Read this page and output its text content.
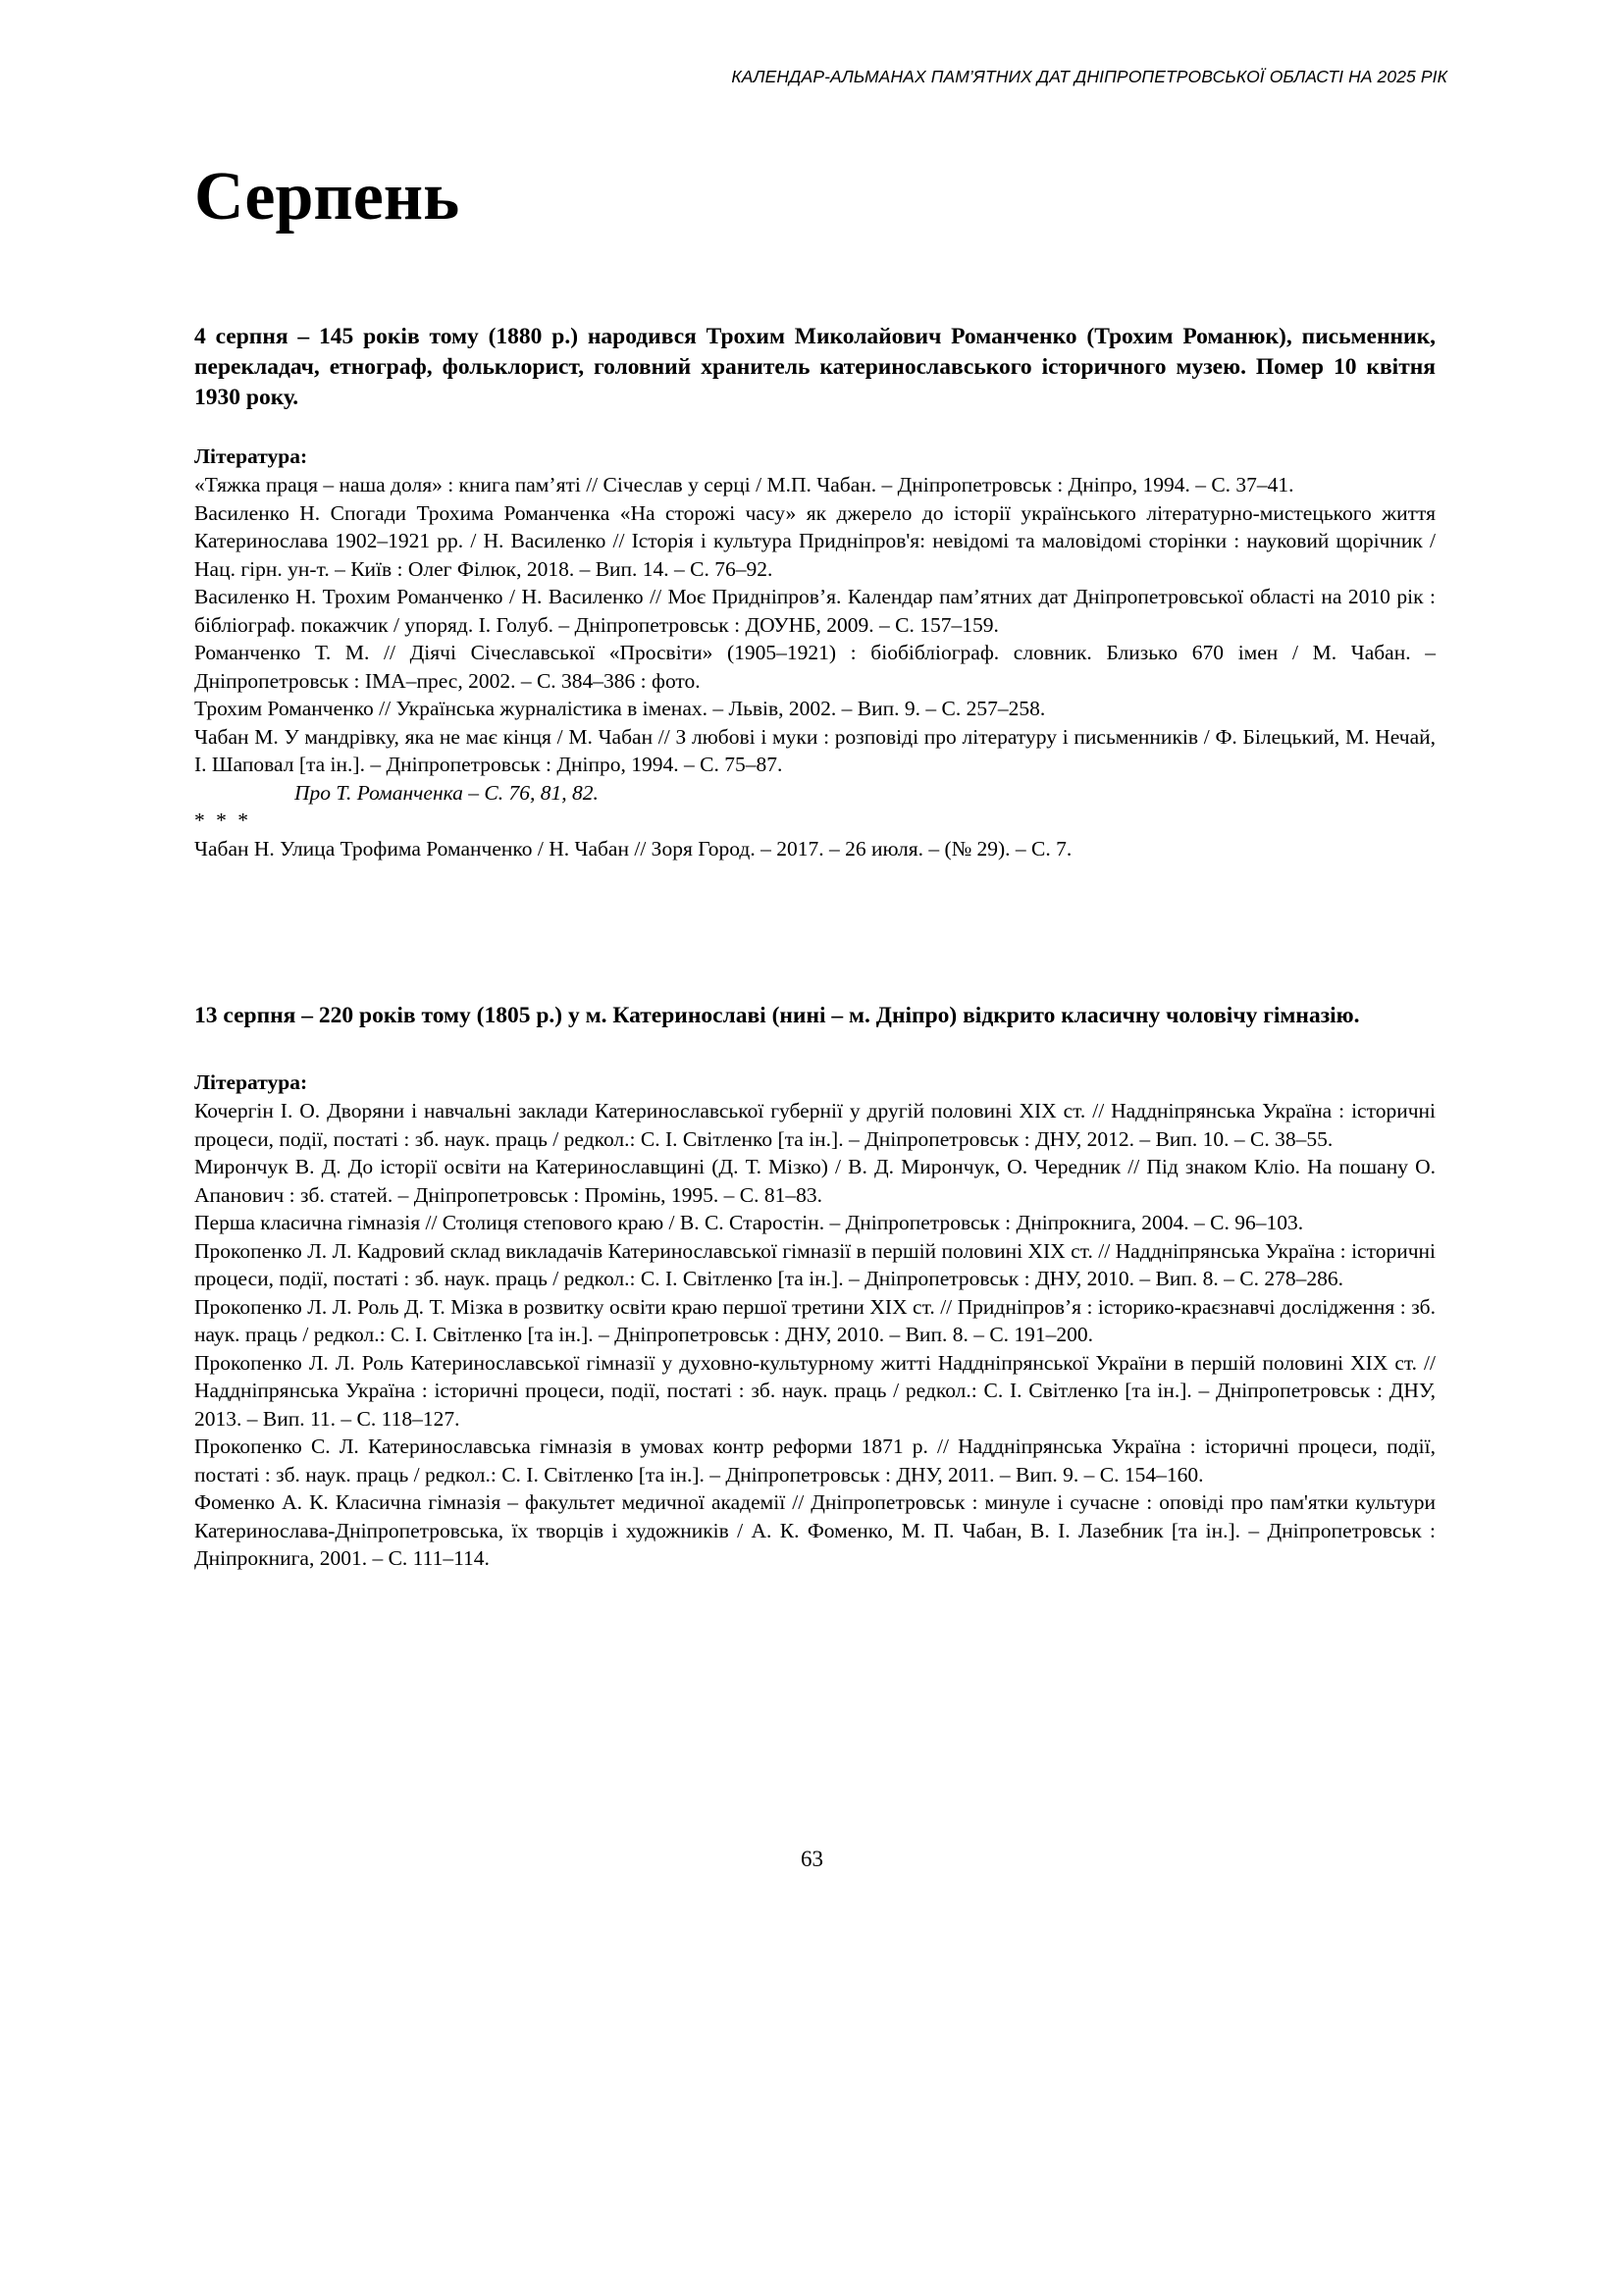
КАЛЕНДАР-АЛЬМАНАХ ПАМ’ЯТНИХ ДАТ ДНІПРОПЕТРОВСЬКОЇ ОБЛАСТІ НА 2025 РІК
Серпень

4 серпня – 145 років тому (1880 р.) народився Трохим Миколайович Романченко (Трохим Романюк), письменник, перекладач, етнограф, фольклорист, головний хранитель катеринославського історичного музею. Помер 10 квітня 1930 року.

Література:

«Тяжка праця – наша доля» : книга пам’яті // Січеслав у серці / М.П. Чабан. – Дніпропетровськ : Дніпро, 1994. – С. 37–41.

Василенко Н. Спогади Трохима Романченка «На сторожі часу» як джерело до історії українського літературно-мистецького життя Катеринослава 1902–1921 рр. / Н. Василенко // Історія і культура Придніпров'я: невідомі та маловідомі сторінки : науковий щорічник / Нац. гірн. ун-т. – Київ : Олег Філюк, 2018. – Вип. 14. – С. 76–92.

Василенко Н. Трохим Романченко / Н. Василенко // Моє Придніпров’я. Календар пам’ятних дат Дніпропетровської області на 2010 рік : бібліограф. покажчик / упоряд. І. Голуб. – Дніпропетровськ : ДОУНБ, 2009. – С. 157–159.

Романченко Т. М. // Діячі Січеславської «Просвіти» (1905–1921) : біобібліограф. словник. Близько 670 імен / М. Чабан. – Дніпропетровськ : ІМА–прес, 2002. – С. 384–386 : фото.

Трохим Романченко // Українська журналістика в іменах. – Львів, 2002. – Вип. 9. – С. 257–258.

Чабан М. У мандрівку, яка не має кінця / М. Чабан // З любові і муки : розповіді про літературу і письменників / Ф. Білецький, М. Нечай, І. Шаповал [та ін.]. – Дніпропетровськ : Дніпро, 1994. – С. 75–87.

Про Т. Романченка – С. 76, 81, 82.

* * *

Чабан Н. Улица Трофима Романченко / Н. Чабан // Зоря Город. – 2017. – 26 июля. – (№ 29). – С. 7.

13 серпня – 220 років тому (1805 р.) у м. Катеринославі (нині – м. Дніпро) відкрито класичну чоловічу гімназію.

Література:

Кочергін І. О. Дворяни і навчальні заклади Катеринославської губернії у другій половині ХІХ ст. // Наддніпрянська Україна : історичні процеси, події, постаті : зб. наук. праць / редкол.: С. І. Світленко [та ін.]. – Дніпропетровськ : ДНУ, 2012. – Вип. 10. – С. 38–55.

Мирончук В. Д. До історії освіти на Катеринославщині (Д. Т. Мізко) / В. Д. Мирончук, О. Чередник // Під знаком Кліо. На пошану О. Апанович : зб. статей. – Дніпропетровськ : Промінь, 1995. – С. 81–83.

Перша класична гімназія // Столиця степового краю / В. С. Старостін. – Дніпропетровськ : Дніпрокнига, 2004. – С. 96–103.

Прокопенко Л. Л. Кадровий склад викладачів Катеринославської гімназії в першій половині ХІХ ст. // Наддніпрянська Україна : історичні процеси, події, постаті : зб. наук. праць / редкол.: С. І. Світленко [та ін.]. – Дніпропетровськ : ДНУ, 2010. – Вип. 8. – С. 278–286.

Прокопенко Л. Л. Роль Д. Т. Мізка в розвитку освіти краю першої третини ХІХ ст. // Придніпров’я : історико-краєзнавчі дослідження : зб. наук. праць / редкол.: С. І. Світленко [та ін.]. – Дніпропетровськ : ДНУ, 2010. – Вип. 8. – С. 191–200.

Прокопенко Л. Л. Роль Катеринославської гімназії у духовно-культурному житті Наддніпрянської України в першій половині ХІХ ст. // Наддніпрянська Україна : історичні процеси, події, постаті : зб. наук. праць / редкол.: С. І. Світленко [та ін.]. – Дніпропетровськ : ДНУ, 2013. – Вип. 11. – С. 118–127.

Прокопенко С. Л. Катеринославська гімназія в умовах контр реформи 1871 р. // Наддніпрянська Україна : історичні процеси, події, постаті : зб. наук. праць / редкол.: С. І. Світленко [та ін.]. – Дніпропетровськ : ДНУ, 2011. – Вип. 9. – С. 154–160.

Фоменко А. К. Класична гімназія – факультет медичної академії // Дніпропетровськ : минуле і сучасне : оповіді про пам'ятки культури Катеринослава-Дніпропетровська, їх творців і художників / А. К. Фоменко, М. П. Чабан, В. І. Лазебник [та ін.]. – Дніпропетровськ : Дніпрокнига, 2001. – С. 111–114.

63
